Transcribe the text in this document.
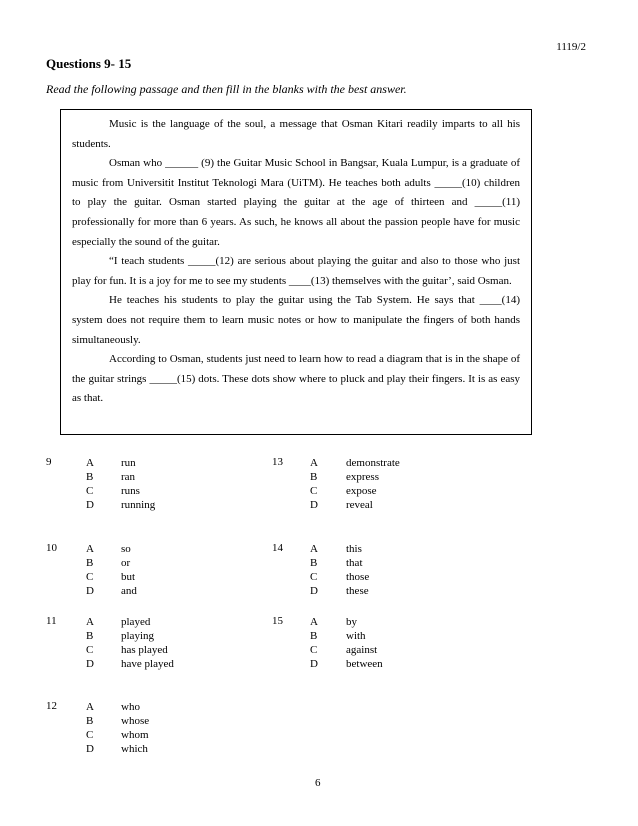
1119/2
Questions 9- 15
Read the following passage and then fill in the blanks with the best answer.

Music is the language of the soul, a message that Osman Kitari readily imparts to all his students.

Osman who ______ (9) the Guitar Music School in Bangsar, Kuala Lumpur, is a graduate of music from Universitit Institut Teknologi Mara (UiTM). He teaches both adults _____(10) children to play the guitar. Osman started playing the guitar at the age of thirteen and _____(11) professionally for more than 6 years. As such, he knows all about the passion people have for music especially the sound of the guitar.

“I teach students _____(12) are serious about playing the guitar and also to those who just play for fun. It is a joy for me to see my students ____(13) themselves with the guitar’, said Osman.

He teaches his students to play the guitar using the Tab System. He says that ____(14) system does not require them to learn music notes or how to manipulate the fingers of both hands simultaneously.

According to Osman, students just need to learn how to read a diagram that is in the shape of the guitar strings _____(15) dots. These dots show where to pluck and play their fingers. It is as easy as that.

9	A run
B	ran
C	runs
D running
10	A so
B	or
C	but
D and
11	A played
B	playing
C	has played
D have played
12	A who
B	whose
C	whom
D which
13 A	demonstrate
B	express
C	expose
D	reveal
14 A	this
B	that
C	those
D	these
15 A	by
B	with
C	against
D	between
6
